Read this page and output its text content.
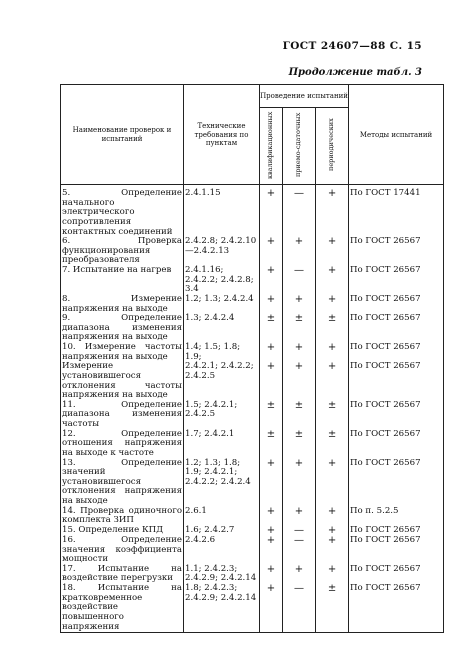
ГОСТ 24607—88 С. 15
Продолжение табл. 3
Наименование проверок и испытаний	Технические требования по пунктам	Проведение испытаний			Методы испытаний
		квалификационных	приемо-сдаточных	периодических	

5. Определение начального электрического сопротивления контактных соединений	2.4.1.15	+	—	+	По ГОСТ 17441
6. Проверка функционирования преобразователя	2.4.2.8; 2.4.2.10—2.4.2.13	+	+	+	По ГОСТ 26567
7. Испытание на нагрев	2.4.1.16; 2.4.2.2; 2.4.2.8; 3.4	+	—	+	По ГОСТ 26567
8. Измерение напряжения на выходе	1.2; 1.3; 2.4.2.4	+	+	+	По ГОСТ 26567
9. Определение диапазона изменения напряжения на выходе	1.3; 2.4.2.4	±	±	±	По ГОСТ 26567
10. Измерение частоты напряжения на выходе	1.4; 1.5; 1.8; 1.9;	+	+	+	По ГОСТ 26567
Измерение установившегося отклонения частоты напряжения на выходе	2.4.2.1; 2.4.2.2; 2.4.2.5	+	+	+	По ГОСТ 26567
11. Определение диапазона изменения частоты	1.5; 2.4.2.1; 2.4.2.5	±	±	±	По ГОСТ 26567
12. Определение отношения напряжения на выходе к частоте	1.7; 2.4.2.1	±	±	±	По ГОСТ 26567
13. Определение значений установившегося отклонения напряжения на выходе	1.2; 1.3; 1.8; 1.9; 2.4.2.1; 2.4.2.2; 2.4.2.4	+	+	+	По ГОСТ 26567
14. Проверка одиночного комплекта ЗИП	2.6.1	+	+	+	По п. 5.2.5
15. Определение КПД	1.6; 2.4.2.7	+	—	+	По ГОСТ 26567
16. Определение значения коэффициента мощности	2.4.2.6	+	—	+	По ГОСТ 26567
17. Испытание на воздействие перегрузки	1.1; 2.4.2.3; 2.4.2.9; 2.4.2.14	+	+	+	По ГОСТ 26567
18. Испытание на кратковременное воздействие повышенного напряжения	1.8; 2.4.2.3; 2.4.2.9; 2.4.2.14	+	—	±	По ГОСТ 26567
